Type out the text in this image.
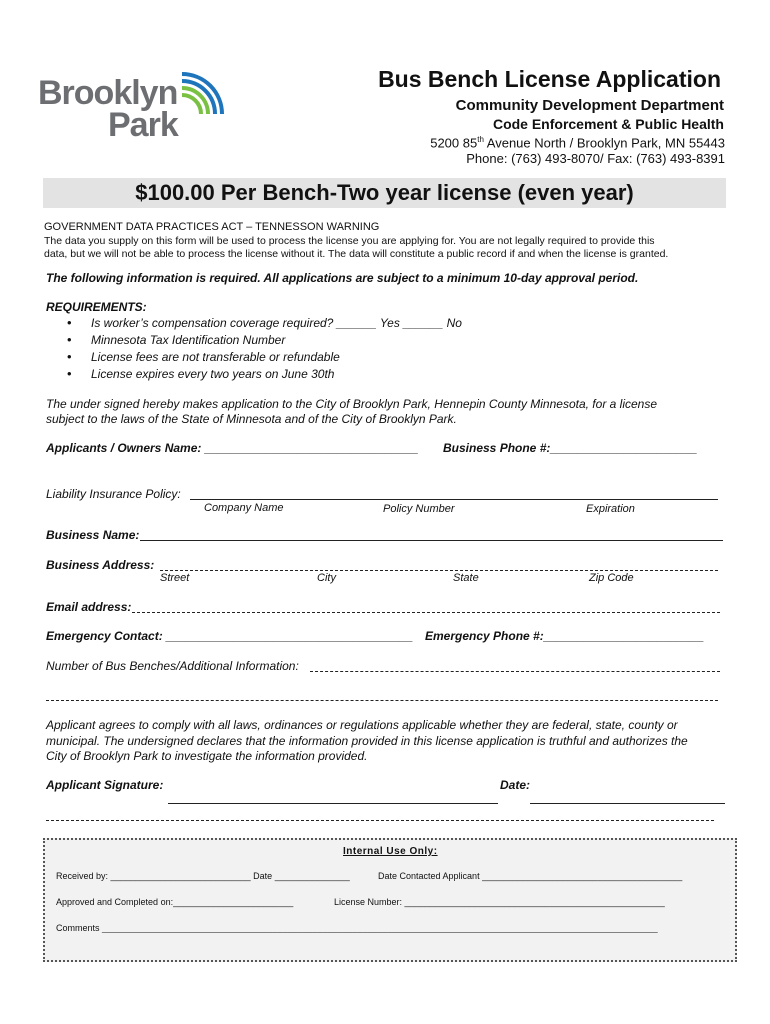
Brooklyn
Park
Bus Bench License Application
Community Development Department
Code Enforcement & Public Health
5200 85th Avenue North / Brooklyn Park, MN 55443
Phone: (763) 493-8070/ Fax: (763) 493-8391
$100.00 Per Bench-Two year license (even year)
GOVERNMENT DATA PRACTICES ACT – TENNESSON WARNING
The data you supply on this form will be used to process the license you are applying for. You are not legally required to provide this
data, but we will not be able to process the license without it. The data will constitute a public record if and when the license is granted.
The following information is required. All applications are subject to a minimum 10-day approval period.
REQUIREMENTS:
• Is worker’s compensation coverage required? ______ Yes ______ No
• Minnesota Tax Identification Number
• License fees are not transferable or refundable
• License expires every two years on June 30th
The under signed hereby makes application to the City of Brooklyn Park, Hennepin County Minnesota, for a license
subject to the laws of the State of Minnesota and of the City of Brooklyn Park.
Applicants / Owners Name: ________________________________ Business Phone #:______________________
Liability Insurance Policy:
Company Name	Policy Number	Expiration
Business Name:
Business Address:
Street	City	State	Zip Code
Email address:
Emergency Contact: _____________________________________ Emergency Phone #:________________________
Number of Bus Benches/Additional Information:
Applicant agrees to comply with all laws, ordinances or regulations applicable whether they are federal, state, county or
municipal. The undersigned declares that the information provided in this license application is truthful and authorizes the
City of Brooklyn Park to investigate the information provided.
Applicant Signature:	Date:
Internal Use Only:
Received by: ____________________________ Date _______________	Date Contacted Applicant ________________________________________
Approved and Completed on:________________________	License Number: ____________________________________________________
Comments _______________________________________________________________________________________________________________
